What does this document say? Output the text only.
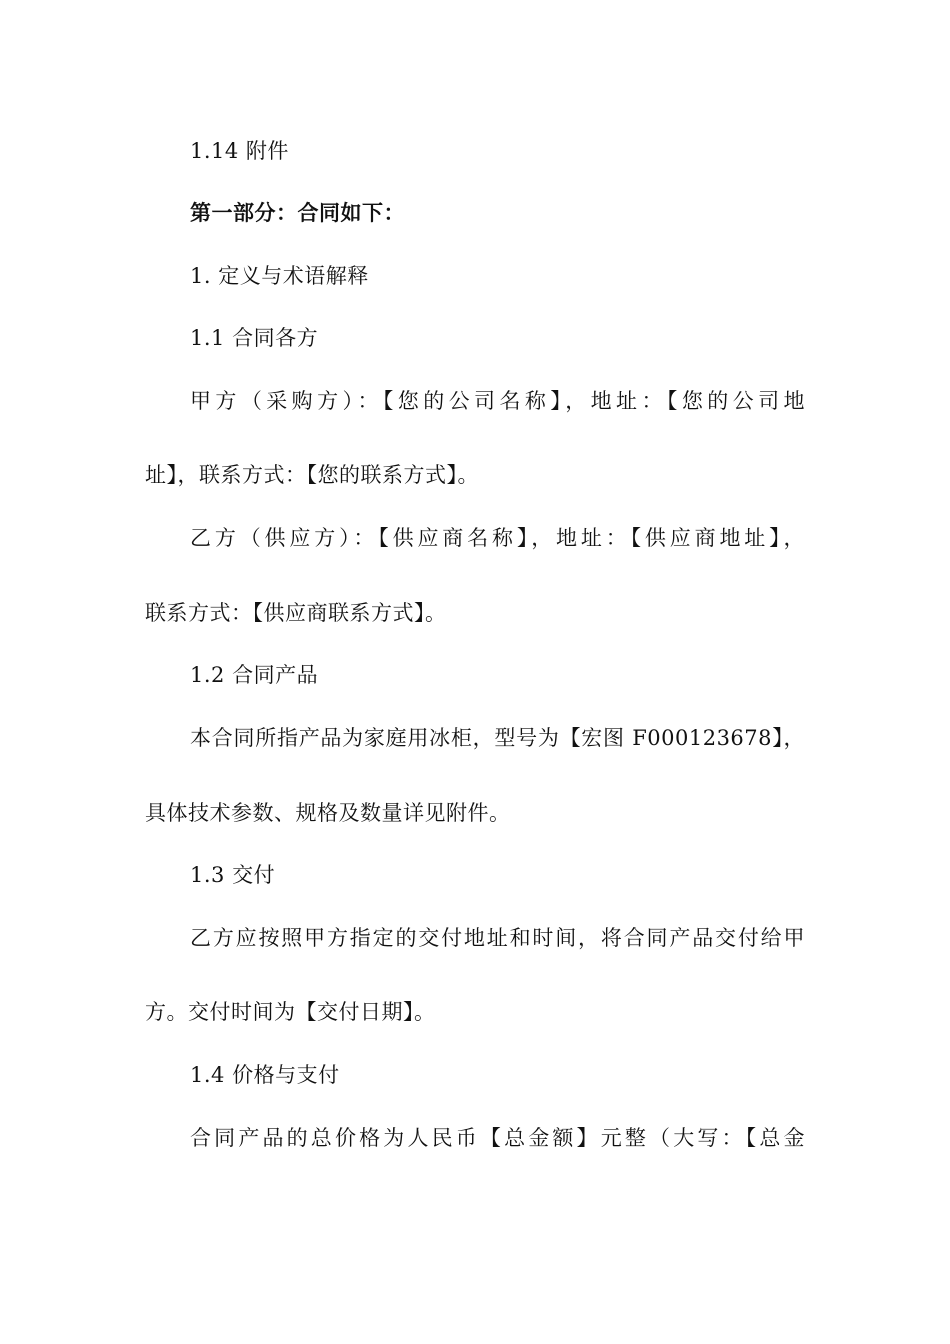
1.14 附件
第一部分：合同如下：
1. 定义与术语解释
1.1 合同各方
甲方（采购方）：【您的公司名称】，地址：【您的公司地
址】，联系方式：【您的联系方式】。
乙方（供应方）：【供应商名称】，地址：【供应商地址】，
联系方式：【供应商联系方式】。
1.2 合同产品
本合同所指产品为家庭用冰柜，型号为【宏图 F000123678】，
具体技术参数、规格及数量详见附件。
1.3 交付
乙方应按照甲方指定的交付地址和时间，将合同产品交付给甲
方。交付时间为【交付日期】。
1.4 价格与支付
合同产品的总价格为人民币【总金额】元整（大写：【总金
